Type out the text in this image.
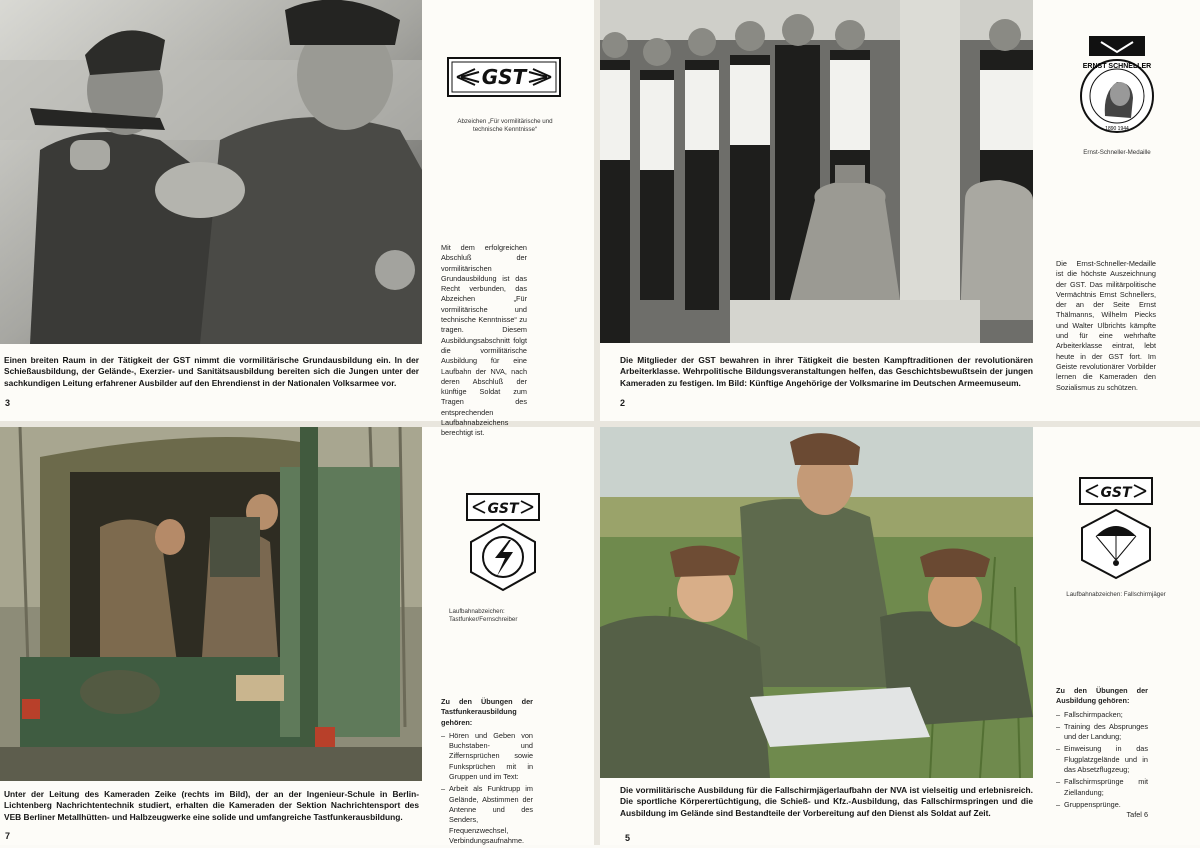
Einen breiten Raum in der Tätigkeit der GST nimmt die vormilitärische Grundausbildung ein. In der Schießausbildung, der Gelände-, Exerzier- und Sanitätsausbildung bereiten sich die Jungen unter der sachkundigen Leitung erfahrener Ausbilder auf den Ehrendienst in der Nationalen Volksarmee vor.
3
GST
Abzeichen „Für vormilitärische und technische Kenntnisse“
Mit dem erfolgreichen Abschluß der vormilitärischen Grundausbildung ist das Recht verbunden, das Abzeichen „Für vormilitärische und technische Kenntnisse“ zu tragen. Diesem Ausbildungsabschnitt folgt die vormilitärische Ausbildung für eine Laufbahn der NVA, nach deren Abschluß der künftige Soldat zum Tragen des entsprechenden Laufbahnabzeichens berechtigt ist.
Die Mitglieder der GST bewahren in ihrer Tätigkeit die besten Kampftraditionen der revolutionären Arbeiterklasse. Wehrpolitische Bildungsveranstaltungen helfen, das Geschichtsbewußtsein der jungen Kameraden zu festigen. Im Bild: Künftige Angehörige der Volksmarine im Deutschen Armeemuseum.
2
ERNST SCHNELLER
1890 1944
Ernst-Schneller-Medaille
Die Ernst-Schneller-Medaille ist die höchste Auszeichnung der GST. Das militärpolitische Vermächtnis Ernst Schnellers, der an der Seite Ernst Thälmanns, Wilhelm Piecks und Walter Ulbrichts kämpfte und für eine wehrhafte Arbeiterklasse eintrat, lebt heute in der GST fort. Im Geiste revolutionärer Vorbilder lernen die Kameraden den Sozialismus zu schützen.
Unter der Leitung des Kameraden Zeike (rechts im Bild), der an der Ingenieur-Schule in Berlin-Lichtenberg Nachrichtentechnik studiert, erhalten die Kameraden der Sektion Nachrichtensport des VEB Berliner Metallhütten- und Halbzeugwerke eine solide und umfangreiche Tastfunkerausbildung.
7
GST
Laufbahnabzeichen: Tastfunker/Fernschreiber
Zu den Übungen der Tastfunkerausbildung gehören:
– Hören und Geben von Buchstaben- und Ziffernsprüchen sowie Funksprüchen mit in Gruppen und im Text:
– Arbeit als Funktrupp im Gelände, Abstimmen der Antenne und des Senders, Frequenzwechsel, Verbindungsaufnahme.
Die vormilitärische Ausbildung für die Fallschirmjägerlaufbahn der NVA ist vielseitig und erlebnisreich. Die sportliche Körperertüchtigung, die Schieß- und Kfz.-Ausbildung, das Fallschirmspringen und die Ausbildung im Gelände sind Bestandteile der Vorbereitung auf den Dienst als Soldat auf Zeit.
5
GST
Laufbahnabzeichen: Fallschirmjäger
Zu den Übungen der Ausbildung gehören:
– Fallschirmpacken;
– Training des Absprunges und der Landung;
– Einweisung in das Flugplatzgelände und in das Absetzflugzeug;
– Fallschirmsprünge mit Ziellandung;
– Gruppensprünge.
Tafel 6
